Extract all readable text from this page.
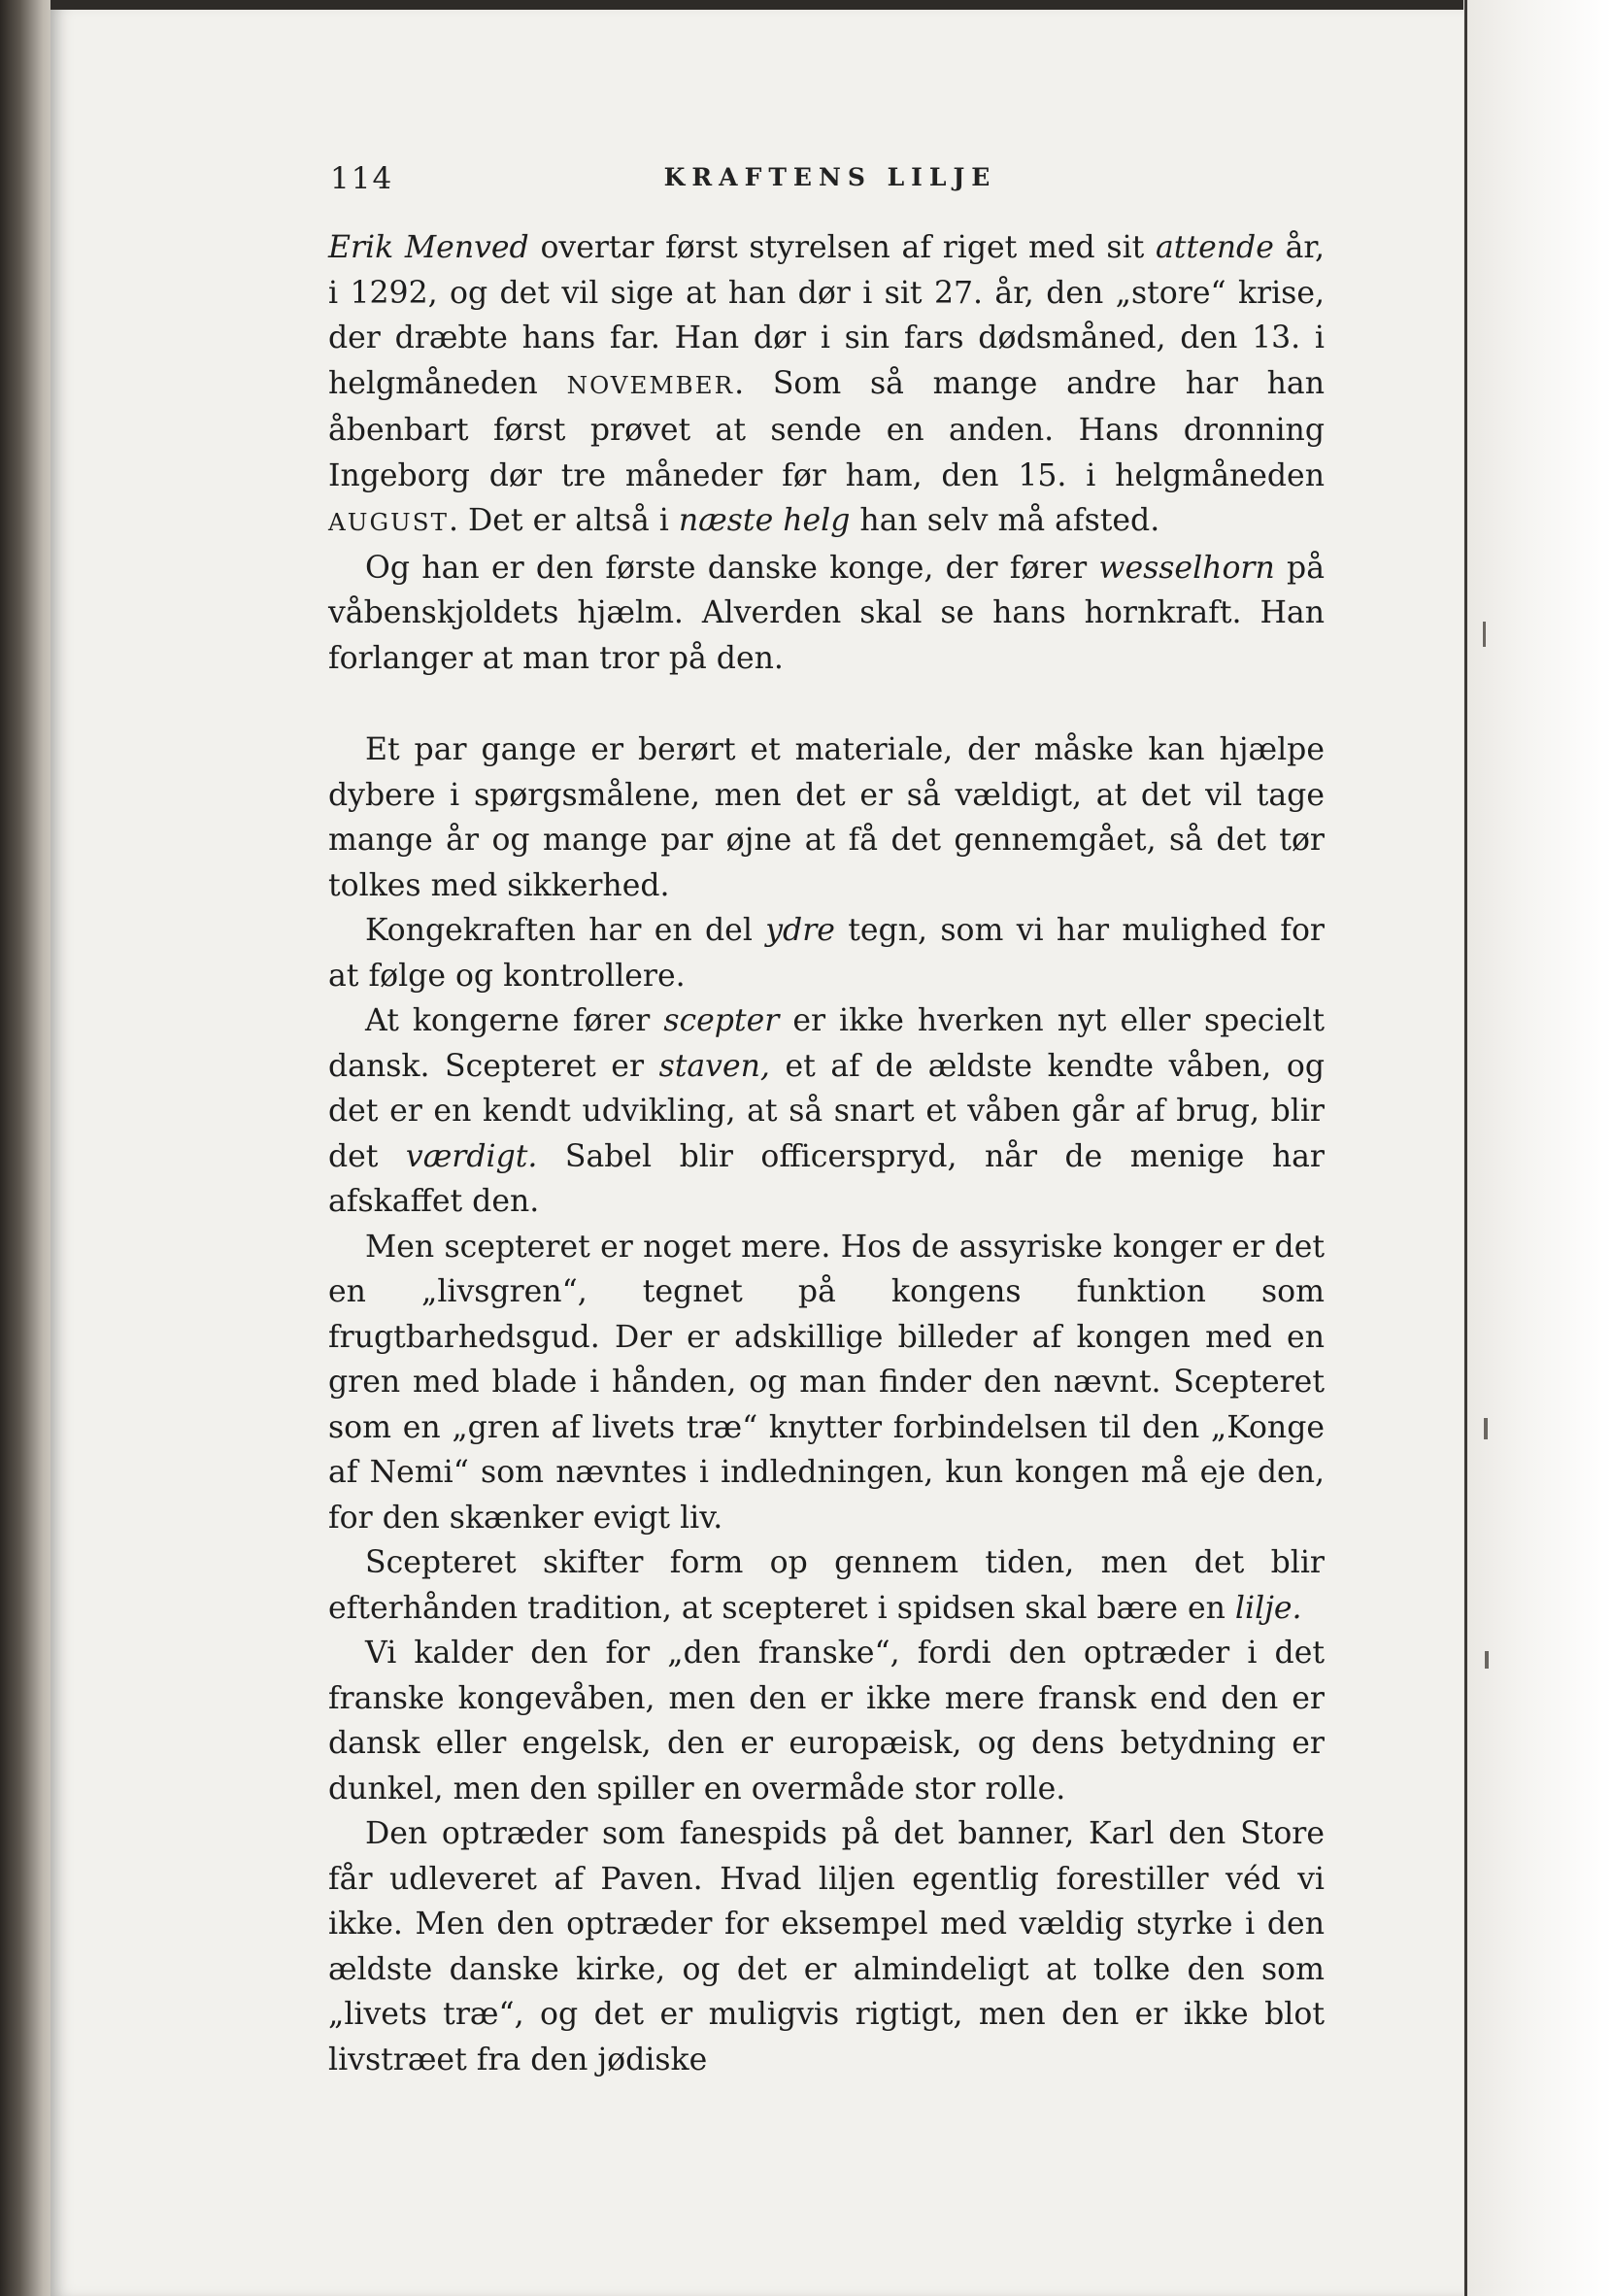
114	KRAFTENS LILJE

Erik Menved overtar først styrelsen af riget med sit attende år, i 1292, og det vil sige at han dør i sit 27. år, den „store“ krise, der dræbte hans far. Han dør i sin fars dødsmåned, den 13. i helgmåneden NOVEMBER. Som så mange andre har han åbenbart først prøvet at sende en anden. Hans dronning Ingeborg dør tre måneder før ham, den 15. i helgmåneden AUGUST. Det er altså i næste helg han selv må afsted.

Og han er den første danske konge, der fører wesselhorn på våbenskjoldets hjælm. Alverden skal se hans hornkraft. Han forlanger at man tror på den.

Et par gange er berørt et materiale, der måske kan hjælpe dybere i spørgsmålene, men det er så vældigt, at det vil tage mange år og mange par øjne at få det gennemgået, så det tør tolkes med sikkerhed.

Kongekraften har en del ydre tegn, som vi har mulighed for at følge og kontrollere.

At kongerne fører scepter er ikke hverken nyt eller specielt dansk. Scepteret er staven, et af de ældste kendte våben, og det er en kendt udvikling, at så snart et våben går af brug, blir det værdigt. Sabel blir officerspryd, når de menige har afskaffet den.

Men scepteret er noget mere. Hos de assyriske konger er det en „livsgren“, tegnet på kongens funktion som frugtbarhedsgud. Der er adskillige billeder af kongen med en gren med blade i hånden, og man finder den nævnt. Scepteret som en „gren af livets træ“ knytter forbindelsen til den „Konge af Nemi“ som nævntes i indledningen, kun kongen må eje den, for den skænker evigt liv.

Scepteret skifter form op gennem tiden, men det blir efterhånden tradition, at scepteret i spidsen skal bære en lilje.

Vi kalder den for „den franske“, fordi den optræder i det franske kongevåben, men den er ikke mere fransk end den er dansk eller engelsk, den er europæisk, og dens betydning er dunkel, men den spiller en overmåde stor rolle.

Den optræder som fanespids på det banner, Karl den Store får udleveret af Paven. Hvad liljen egentlig forestiller véd vi ikke. Men den optræder for eksempel med vældig styrke i den ældste danske kirke, og det er almindeligt at tolke den som „livets træ“, og det er muligvis rigtigt, men den er ikke blot livstræet fra den jødiske
